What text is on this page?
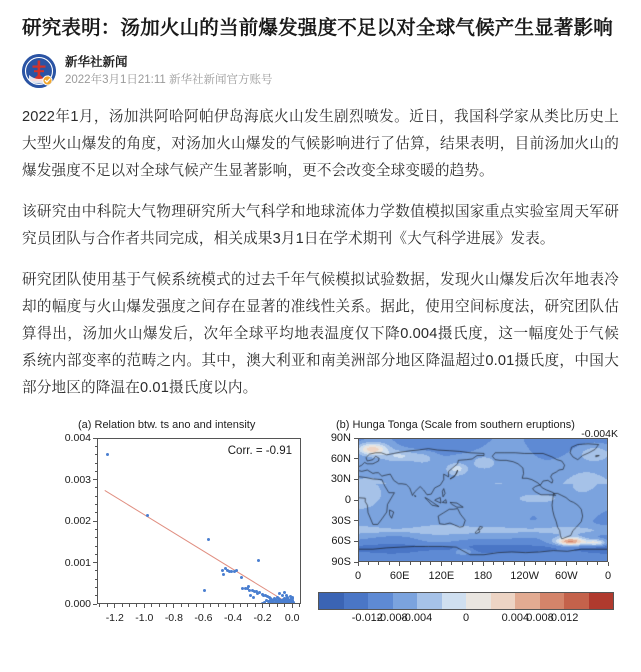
研究表明：汤加火山的当前爆发强度不足以对全球气候产生显著影响
新华社新闻
2022年3月1日21:11 新华社新闻官方账号

2022年1月，汤加洪阿哈阿帕伊岛海底火山发生剧烈喷发。近日，我国科学家从类比历史上大型火山爆发的角度，对汤加火山爆发的气候影响进行了估算，结果表明，目前汤加火山的爆发强度不足以对全球气候产生显著影响，更不会改变全球变暖的趋势。

该研究由中科院大气物理研究所大气科学和地球流体力学数值模拟国家重点实验室周天军研究员团队与合作者共同完成，相关成果3月1日在学术期刊《大气科学进展》发表。

研究团队使用基于气候系统模式的过去千年气候模拟试验数据，发现火山爆发后次年地表冷却的幅度与火山爆发强度之间存在显著的准线性关系。据此，使用空间标度法，研究团队估算得出，汤加火山爆发后，次年全球平均地表温度仅下降0.004摄氏度，这一幅度处于气候系统内部变率的范畴之内。其中，澳大利亚和南美洲部分地区降温超过0.01摄氏度，中国大部分地区的降温在0.01摄氏度以内。

(a) Relation btw. ts ano and intensity
0.000
0.001
0.002
0.003
0.004
-1.2 -1.0 -0.8 -0.6 -0.4 -0.2 0.0
Corr. = -0.91
(b) Hunga Tonga (Scale from southern eruptions)
90N
60N
30N
0
30S
60S
90S
0	60E 120E 180 120W 60W 0
-0.004K
-0.012
-0.008
-0.004	0	0.004
0.008
0.012
